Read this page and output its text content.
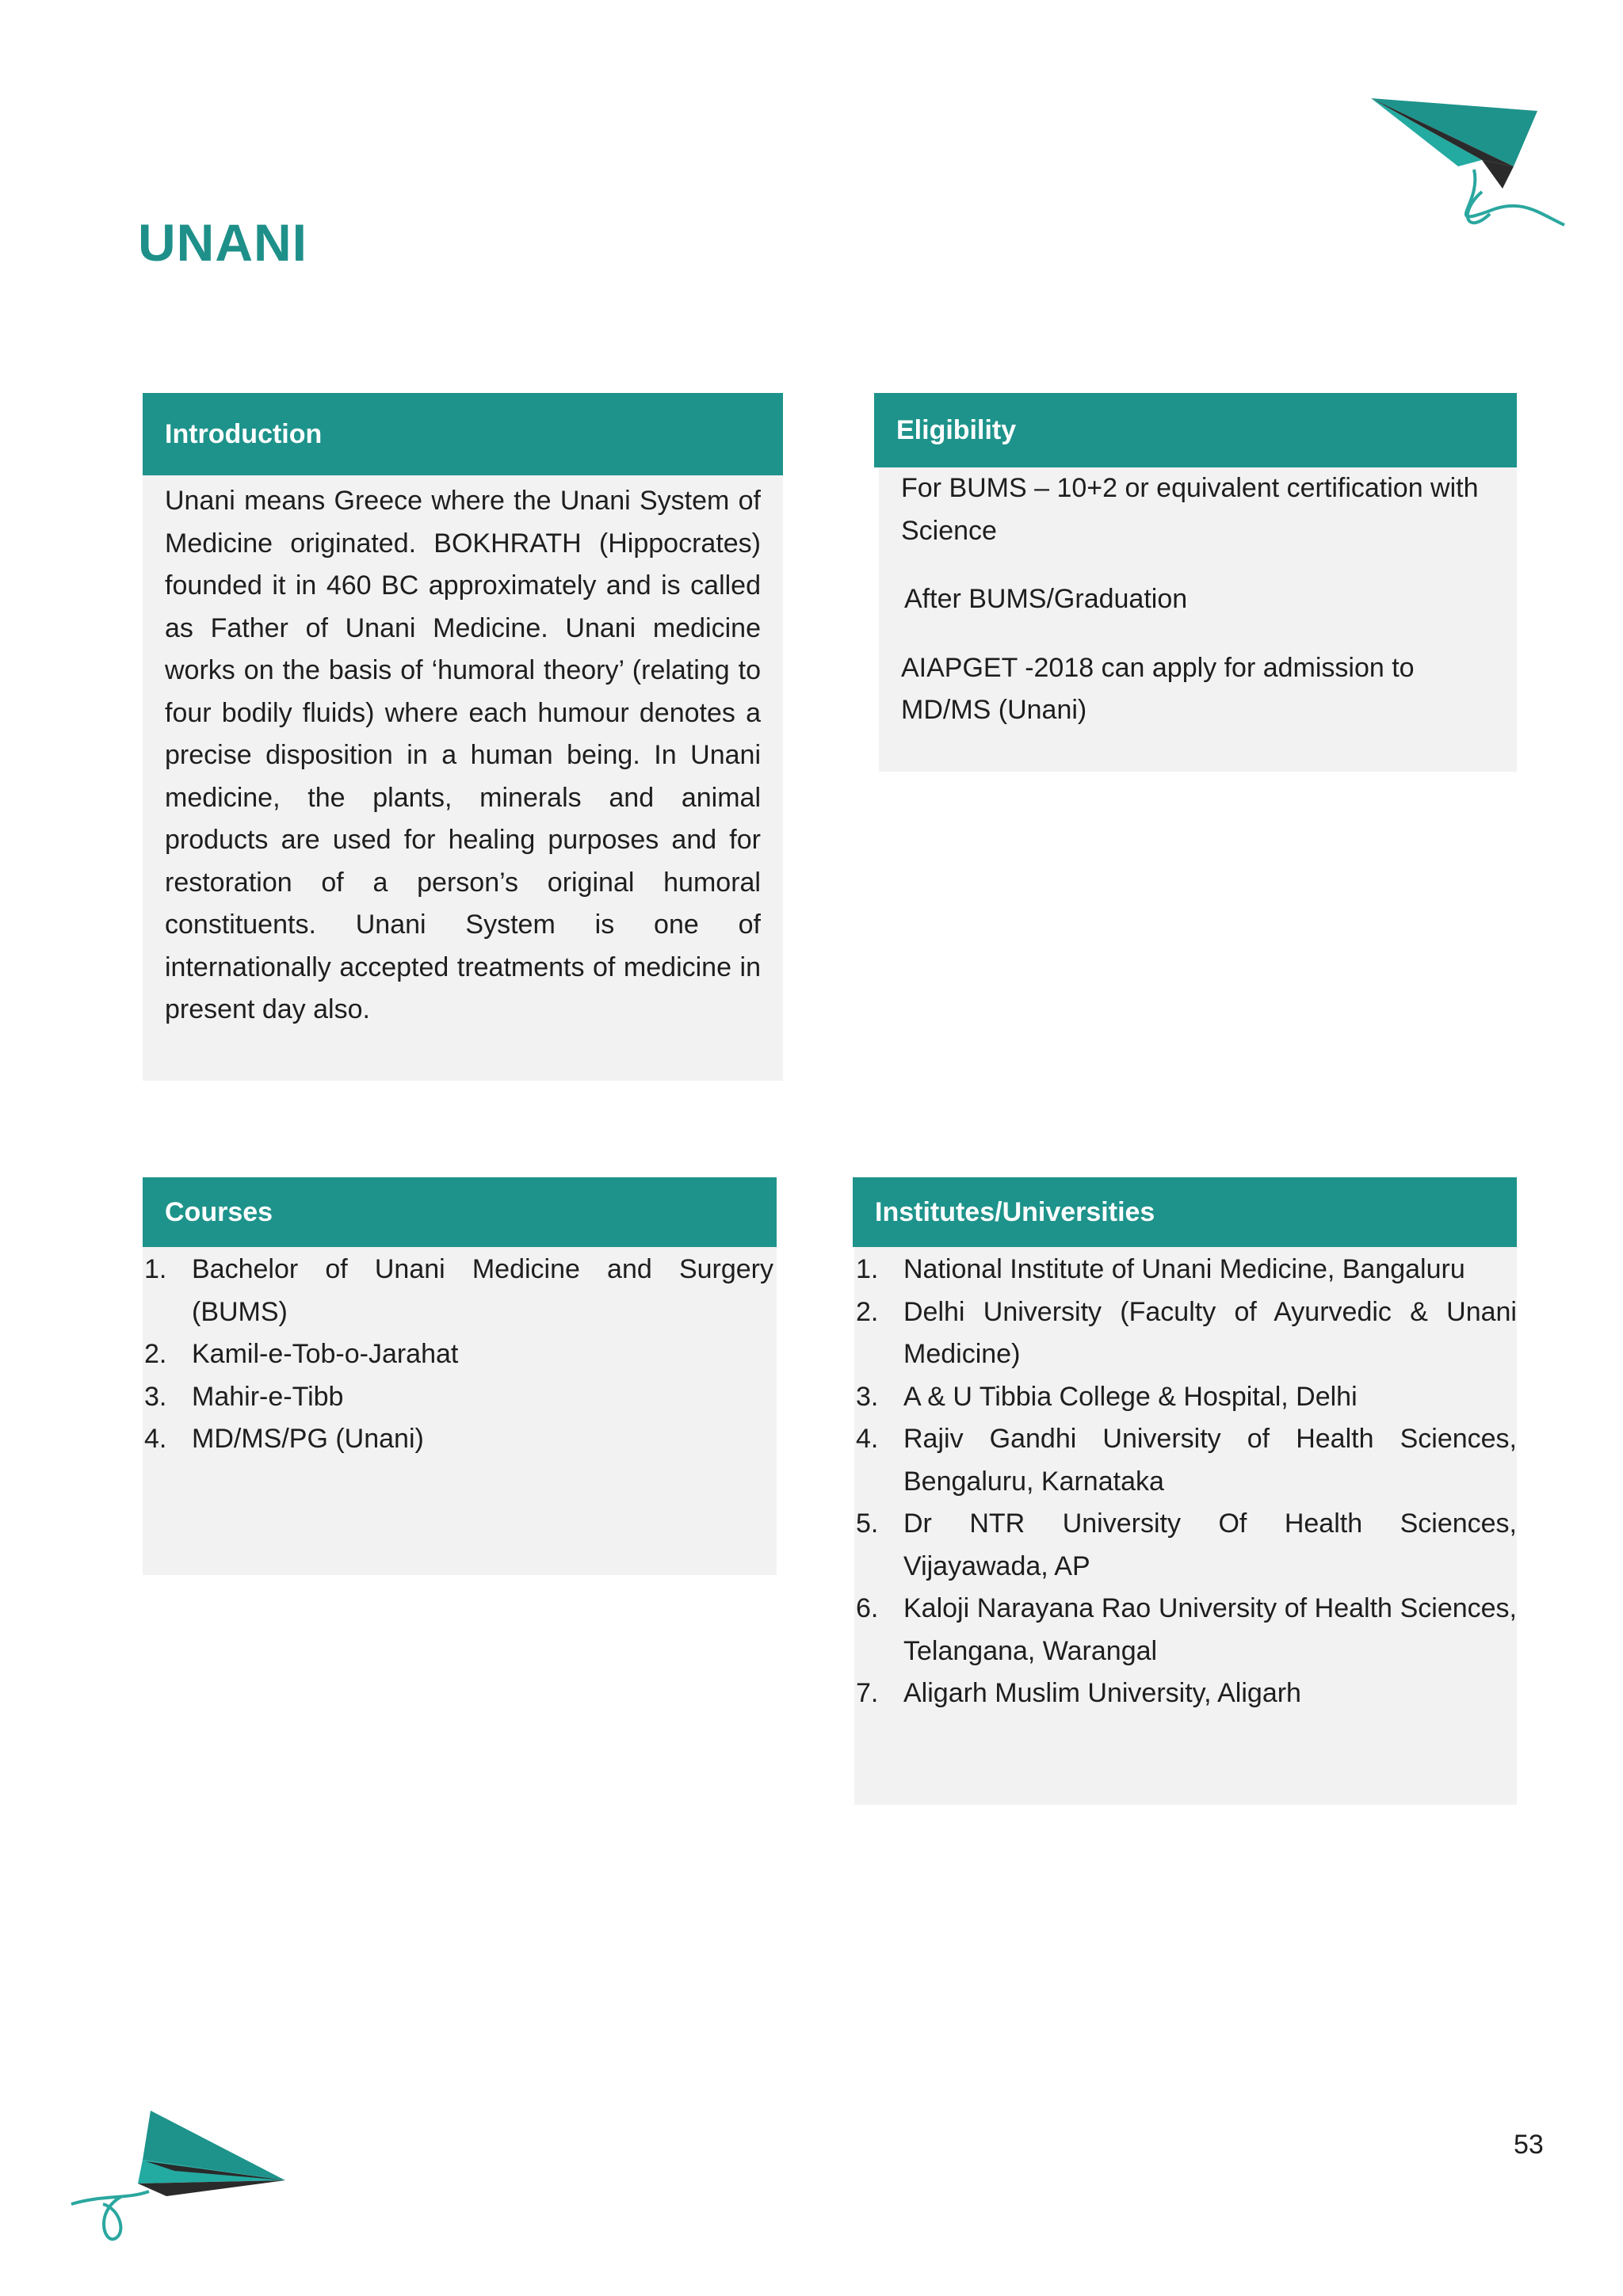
UNANI
Introduction
Unani means Greece where the Unani System of Medicine originated. BOKHRATH (Hippocrates) founded it in 460 BC approximately and is called as Father of Unani Medicine. Unani medicine works on the basis of ‘humoral theory’ (relating to four bodily fluids) where each humour denotes a precise disposition in a human being. In Unani medicine, the plants, minerals and animal products are used for healing purposes and for restoration of a person’s original humoral constituents. Unani System is one of internationally accepted treatments of medicine in present day also.
Eligibility

For BUMS – 10+2 or equivalent certification with Science

After BUMS/Graduation

AIAPGET -2018 can apply for admission to MD/MS (Unani)

Courses
1. Bachelor of Unani Medicine and Surgery (BUMS)
2. Kamil-e-Tob-o-Jarahat
3. Mahir-e-Tibb
4. MD/MS/PG (Unani)
Institutes/Universities
1. National Institute of Unani Medicine, Bangaluru
2. Delhi University (Faculty of Ayurvedic & Unani Medicine)
3. A & U Tibbia College & Hospital, Delhi
4. Rajiv Gandhi University of Health Sciences, Bengaluru, Karnataka
5. Dr NTR University Of Health Sciences, Vijayawada, AP
6. Kaloji Narayana Rao University of Health Sciences, Telangana, Warangal
7. Aligarh Muslim University, Aligarh
53
